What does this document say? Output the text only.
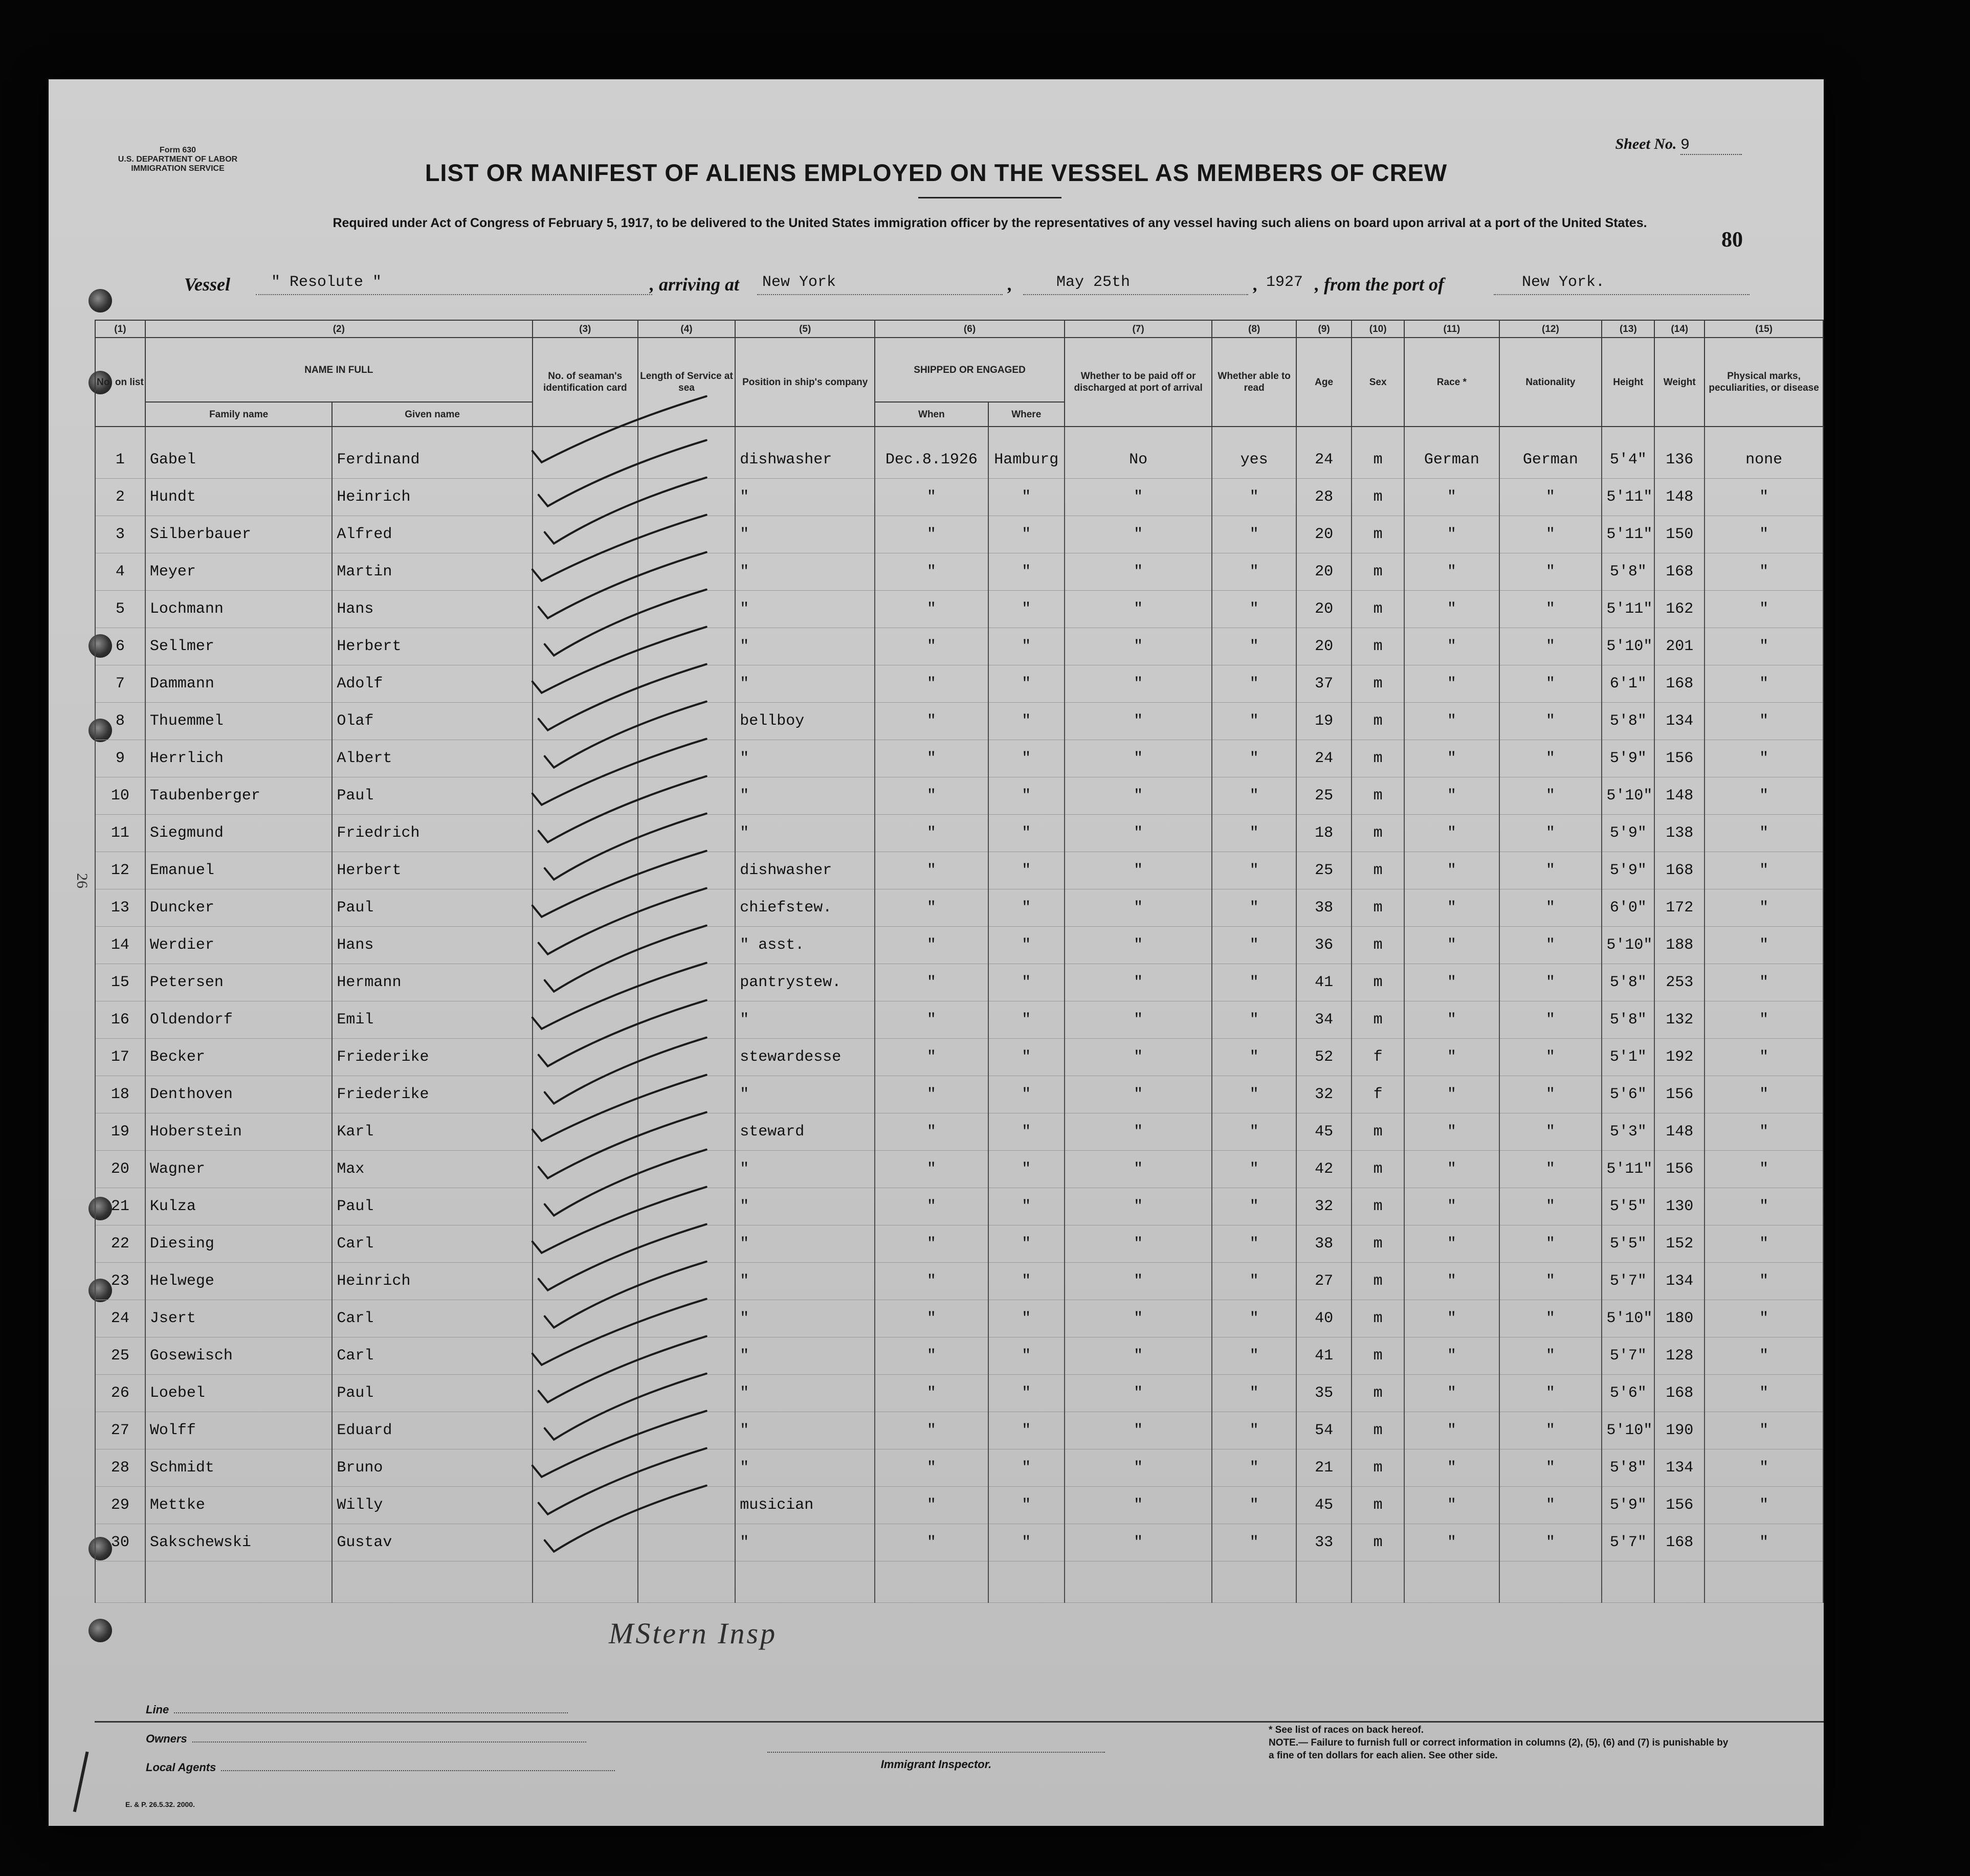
Form 630
U.S. DEPARTMENT OF LABOR
IMMIGRATION SERVICE
Sheet No. 9
LIST OR MANIFEST OF ALIENS EMPLOYED ON THE VESSEL AS MEMBERS OF CREW
Required under Act of Congress of February 5, 1917, to be delivered to the United States immigration officer by the representatives of any vessel having such aliens on board upon arrival at a port of the United States.
80
Vessel	" Resolute "	, arriving at New York	,	May 25th	, 1927 , from the port of	New York.
(1)	(2)		(3)	(4)	(5)	(6)		(7)	(8)	(9)	(10)	(11)	(12)	(13)	(14)	(15)
No. on list	NAME IN FULL		No. of seaman's identification card	Length of Service at sea	Position in ship's company	SHIPPED OR ENGAGED		Whether to be paid off or discharged at port of arrival	Whether able to read	Age	Sex	Race *	Nationality	Height	Weight	Physical marks, peculiarities, or disease
	Family name	Given name				When	Where									
1	Gabel	Ferdinand			dishwasher	Dec.8.1926	Hamburg	No	yes	24	m	German	German	5'4"	136	none
2	Hundt	Heinrich			"	"	"	"	"	28	m	"	"	5'11"	148	"
3	Silberbauer	Alfred			"	"	"	"	"	20	m	"	"	5'11"	150	"
4	Meyer	Martin			"	"	"	"	"	20	m	"	"	5'8"	168	"
5	Lochmann	Hans			"	"	"	"	"	20	m	"	"	5'11"	162	"
6	Sellmer	Herbert			"	"	"	"	"	20	m	"	"	5'10"	201	"
7	Dammann	Adolf			"	"	"	"	"	37	m	"	"	6'1"	168	"
8	Thuemmel	Olaf			bellboy	"	"	"	"	19	m	"	"	5'8"	134	"
9	Herrlich	Albert			"	"	"	"	"	24	m	"	"	5'9"	156	"
10	Taubenberger	Paul			"	"	"	"	"	25	m	"	"	5'10"	148	"
11	Siegmund	Friedrich			"	"	"	"	"	18	m	"	"	5'9"	138	"
12	Emanuel	Herbert			dishwasher	"	"	"	"	25	m	"	"	5'9"	168	"
13	Duncker	Paul			chiefstew.	"	"	"	"	38	m	"	"	6'0"	172	"
14	Werdier	Hans			" asst.	"	"	"	"	36	m	"	"	5'10"	188	"
15	Petersen	Hermann			pantrystew.	"	"	"	"	41	m	"	"	5'8"	253	"
16	Oldendorf	Emil			"	"	"	"	"	34	m	"	"	5'8"	132	"
17	Becker	Friederike			stewardesse	"	"	"	"	52	f	"	"	5'1"	192	"
18	Denthoven	Friederike			"	"	"	"	"	32	f	"	"	5'6"	156	"
19	Hoberstein	Karl			steward	"	"	"	"	45	m	"	"	5'3"	148	"
20	Wagner	Max			"	"	"	"	"	42	m	"	"	5'11"	156	"
21	Kulza	Paul			"	"	"	"	"	32	m	"	"	5'5"	130	"
22	Diesing	Carl			"	"	"	"	"	38	m	"	"	5'5"	152	"
23	Helwege	Heinrich			"	"	"	"	"	27	m	"	"	5'7"	134	"
24	Jsert	Carl			"	"	"	"	"	40	m	"	"	5'10"	180	"
25	Gosewisch	Carl			"	"	"	"	"	41	m	"	"	5'7"	128	"
26	Loebel	Paul			"	"	"	"	"	35	m	"	"	5'6"	168	"
27	Wolff	Eduard			"	"	"	"	"	54	m	"	"	5'10"	190	"
28	Schmidt	Bruno			"	"	"	"	"	21	m	"	"	5'8"	134	"
29	Mettke	Willy			musician	"	"	"	"	45	m	"	"	5'9"	156	"
30	Sakschewski	Gustav			"	"	"	"	"	33	m	"	"	5'7"	168	"

MStern Insp
Line
Owners
Local Agents	Immigrant Inspector.

* See list of races on back hereof.

NOTE.— Failure to furnish full or correct information in columns (2), (5), (6) and (7) is punishable by a fine of ten dollars for each alien. See other side.

E. & P. 26.5.32. 2000.
26
